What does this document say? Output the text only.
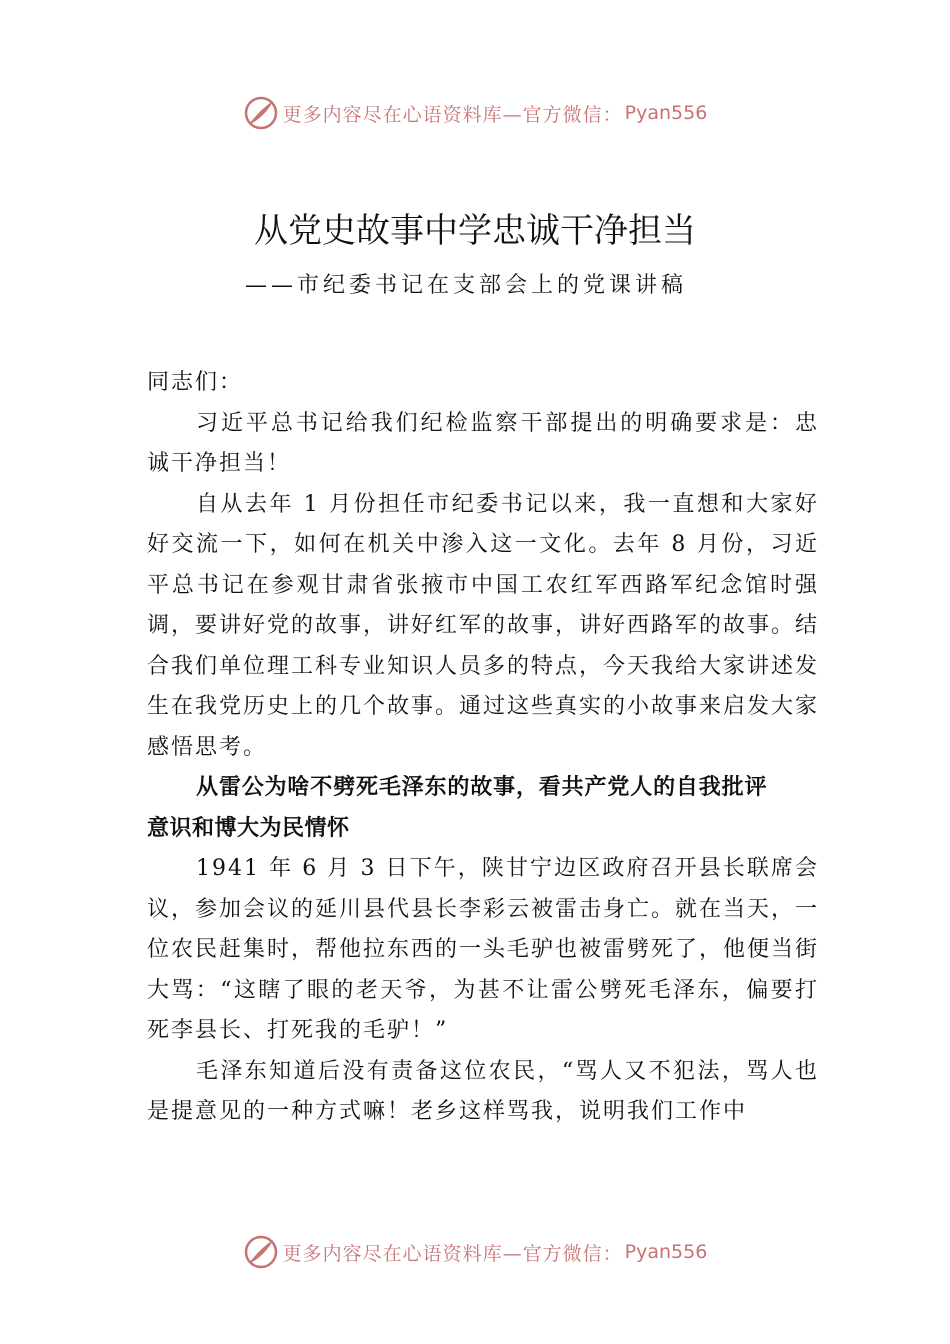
更多内容尽在心语资料库—官方微信： Pyan556
从党史故事中学忠诚干净担当
——市纪委书记在支部会上的党课讲稿

同志们：

习近平总书记给我们纪检监察干部提出的明确要求是：忠诚干净担当！

自从去年 1 月份担任市纪委书记以来，我一直想和大家好好交流一下，如何在机关中渗入这一文化。去年 8 月份，习近平总书记在参观甘肃省张掖市中国工农红军西路军纪念馆时强调，要讲好党的故事，讲好红军的故事，讲好西路军的故事。结合我们单位理工科专业知识人员多的特点，今天我给大家讲述发生在我党历史上的几个故事。通过这些真实的小故事来启发大家感悟思考。

从雷公为啥不劈死毛泽东的故事，看共产党人的自我批评意识和博大为民情怀

1941 年 6 月 3 日下午，陕甘宁边区政府召开县长联席会议，参加会议的延川县代县长李彩云被雷击身亡。就在当天，一位农民赶集时，帮他拉东西的一头毛驴也被雷劈死了，他便当街大骂：“这瞎了眼的老天爷，为甚不让雷公劈死毛泽东，偏要打死李县长、打死我的毛驴！”

毛泽东知道后没有责备这位农民，“骂人又不犯法，骂人也是提意见的一种方式嘛！老乡这样骂我，说明我们工作中

更多内容尽在心语资料库—官方微信： Pyan556
